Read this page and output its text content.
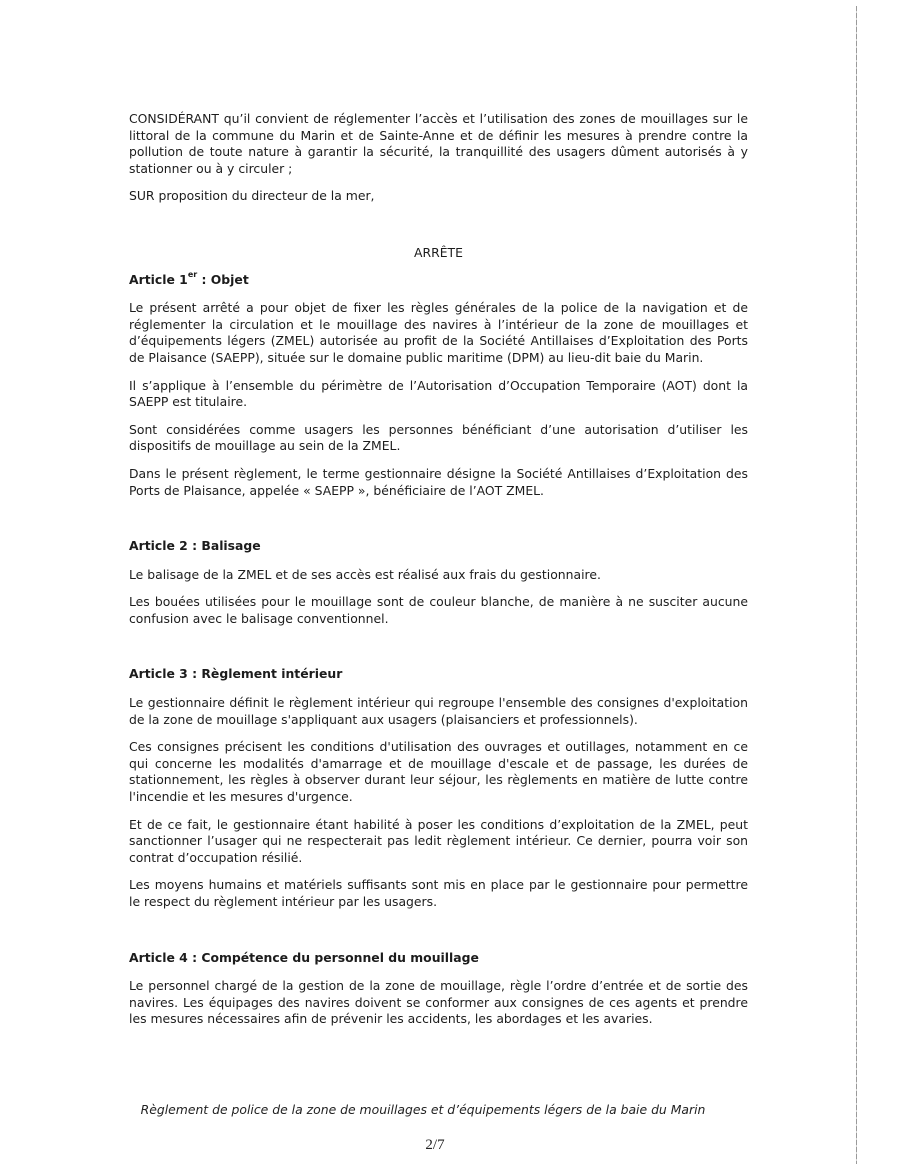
CONSIDÉRANT qu’il convient de réglementer l’accès et l’utilisation des zones de mouillages sur le littoral de la commune du Marin et de Sainte-Anne et de définir les mesures à prendre contre la pollution de toute nature à garantir la sécurité, la tranquillité des usagers dûment autorisés à y stationner ou à y circuler ;

SUR proposition du directeur de la mer,

ARRÊTE

Article 1er : Objet

Le présent arrêté a pour objet de fixer les règles générales de la police de la navigation et de réglementer la circulation et le mouillage des navires à l’intérieur de la zone de mouillages et d’équipements légers (ZMEL) autorisée au profit de la Société Antillaises d’Exploitation des Ports de Plaisance (SAEPP), située sur le domaine public maritime (DPM) au lieu-dit baie du Marin.

Il s’applique à l’ensemble du périmètre de l’Autorisation d’Occupation Temporaire (AOT) dont la SAEPP est titulaire.

Sont considérées comme usagers les personnes bénéficiant d’une autorisation d’utiliser les dispositifs de mouillage au sein de la ZMEL.

Dans le présent règlement, le terme gestionnaire désigne la Société Antillaises d’Exploitation des Ports de Plaisance, appelée « SAEPP », bénéficiaire de l’AOT ZMEL.

Article 2 : Balisage

Le balisage de la ZMEL et de ses accès est réalisé aux frais du gestionnaire.

Les bouées utilisées pour le mouillage sont de couleur blanche, de manière à ne susciter aucune confusion avec le balisage conventionnel.

Article 3 : Règlement intérieur

Le gestionnaire définit le règlement intérieur qui regroupe l'ensemble des consignes d'exploitation de la zone de mouillage s'appliquant aux usagers (plaisanciers et professionnels).

Ces consignes précisent les conditions d'utilisation des ouvrages et outillages, notamment en ce qui concerne les modalités d'amarrage et de mouillage d'escale et de passage, les durées de stationnement, les règles à observer durant leur séjour, les règlements en matière de lutte contre l'incendie et les mesures d'urgence.

Et de ce fait, le gestionnaire étant habilité à poser les conditions d’exploitation de la ZMEL, peut sanctionner l’usager qui ne respecterait pas ledit règlement intérieur. Ce dernier, pourra voir son contrat d’occupation résilié.

Les moyens humains et matériels suffisants sont mis en place par le gestionnaire pour permettre le respect du règlement intérieur par les usagers.

Article 4 : Compétence du personnel du mouillage

Le personnel chargé de la gestion de la zone de mouillage, règle l’ordre d’entrée et de sortie des navires. Les équipages des navires doivent se conformer aux consignes de ces agents et prendre les mesures nécessaires afin de prévenir les accidents, les abordages et les avaries.

Règlement de police de la zone de mouillages et d’équipements légers de la baie du Marin
2/7
